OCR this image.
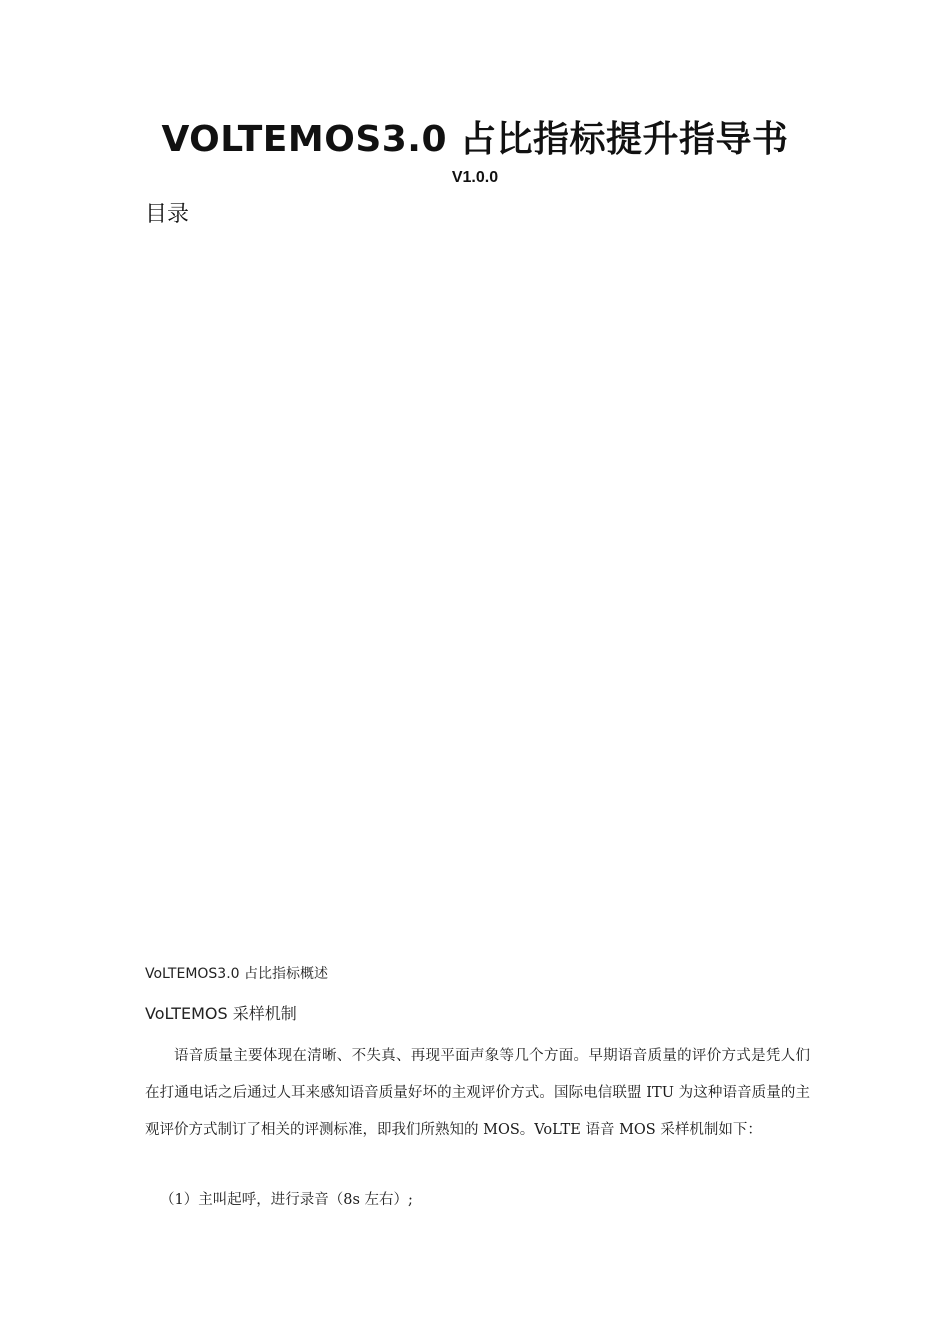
VOLTEMOS3.0 占比指标提升指导书
V1.0.0
目录
VoLTEMOS3.0 占比指标概述
VoLTEMOS 采样机制

语音质量主要体现在清晰、不失真、再现平面声象等几个方面。早期语音质量的评价方式是凭人们在打通电话之后通过人耳来感知语音质量好坏的主观评价方式。国际电信联盟 ITU 为这种语音质量的主观评价方式制订了相关的评测标准，即我们所熟知的 MOS。VoLTE 语音 MOS 采样机制如下：

（1）主叫起呼，进行录音（8s 左右）;
